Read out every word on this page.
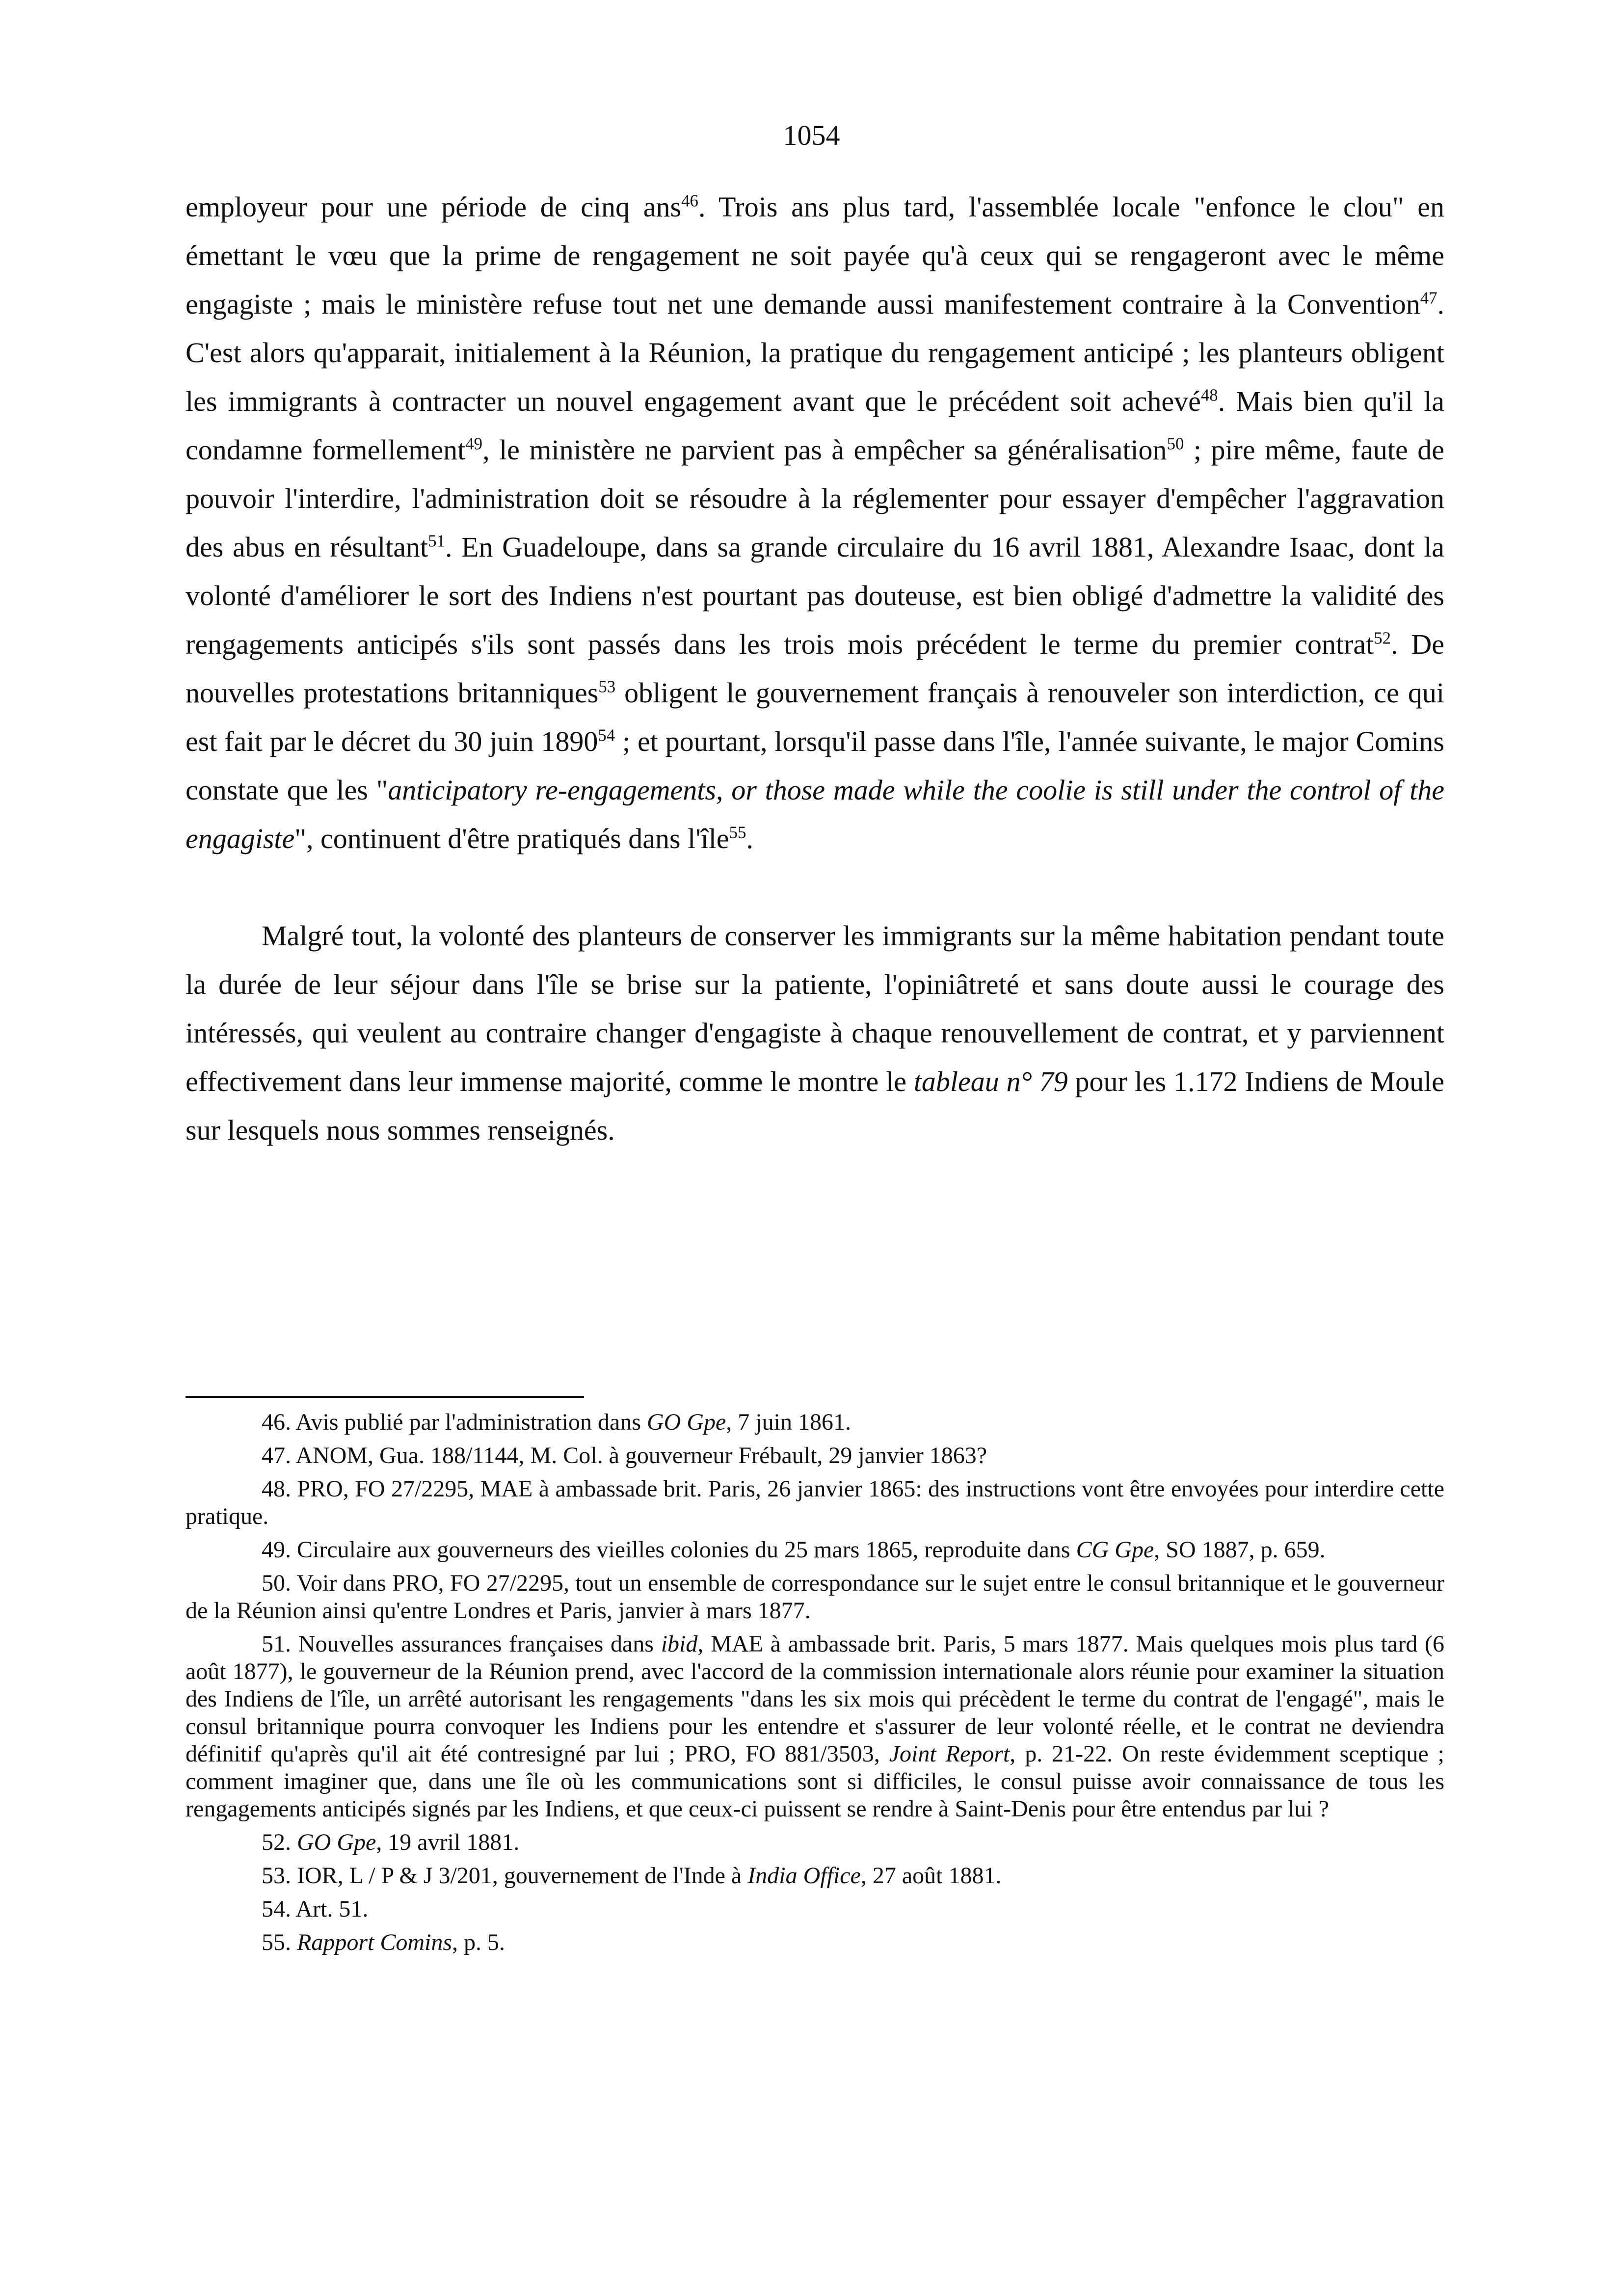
1054

employeur pour une période de cinq ans$^{46}$. Trois ans plus tard, l'assemblée locale "enfonce le clou" en émettant le vœu que la prime de rengagement ne soit payée qu'à ceux qui se rengageront avec le même engagiste ; mais le ministère refuse tout net une demande aussi manifestement contraire à la Convention$^{47}$. C'est alors qu'apparait, initialement à la Réunion, la pratique du rengagement anticipé ; les planteurs obligent les immigrants à contracter un nouvel engagement avant que le précédent soit achevé$^{48}$. Mais bien qu'il la condamne formellement$^{49}$, le ministère ne parvient pas à empêcher sa généralisation$^{50}$ ; pire même, faute de pouvoir l'interdire, l'administration doit se résoudre à la réglementer pour essayer d'empêcher l'aggravation des abus en résultant$^{51}$. En Guadeloupe, dans sa grande circulaire du 16 avril 1881, Alexandre Isaac, dont la volonté d'améliorer le sort des Indiens n'est pourtant pas douteuse, est bien obligé d'admettre la validité des rengagements anticipés s'ils sont passés dans les trois mois précédent le terme du premier contrat$^{52}$. De nouvelles protestations britanniques$^{53}$ obligent le gouvernement français à renouveler son interdiction, ce qui est fait par le décret du 30 juin 1890$^{54}$ ; et pourtant, lorsqu'il passe dans l'île, l'année suivante, le major Comins constate que les "anticipatory re-engagements, or those made while the coolie is still under the control of the engagiste", continuent d'être pratiqués dans l'île$^{55}$.

Malgré tout, la volonté des planteurs de conserver les immigrants sur la même habitation pendant toute la durée de leur séjour dans l'île se brise sur la patiente, l'opiniâtreté et sans doute aussi le courage des intéressés, qui veulent au contraire changer d'engagiste à chaque renouvellement de contrat, et y parviennent effectivement dans leur immense majorité, comme le montre le tableau n° 79 pour les 1.172 Indiens de Moule sur lesquels nous sommes renseignés.

46. Avis publié par l'administration dans GO Gpe, 7 juin 1861.

47. ANOM, Gua. 188/1144, M. Col. à gouverneur Frébault, 29 janvier 1863?

48. PRO, FO 27/2295, MAE à ambassade brit. Paris, 26 janvier 1865: des instructions vont être envoyées pour interdire cette pratique.

49. Circulaire aux gouverneurs des vieilles colonies du 25 mars 1865, reproduite dans CG Gpe, SO 1887, p. 659.

50. Voir dans PRO, FO 27/2295, tout un ensemble de correspondance sur le sujet entre le consul britannique et le gouverneur de la Réunion ainsi qu'entre Londres et Paris, janvier à mars 1877.

51. Nouvelles assurances françaises dans ibid, MAE à ambassade brit. Paris, 5 mars 1877. Mais quelques mois plus tard (6 août 1877), le gouverneur de la Réunion prend, avec l'accord de la commission internationale alors réunie pour examiner la situation des Indiens de l'île, un arrêté autorisant les rengagements "dans les six mois qui précèdent le terme du contrat de l'engagé", mais le consul britannique pourra convoquer les Indiens pour les entendre et s'assurer de leur volonté réelle, et le contrat ne deviendra définitif qu'après qu'il ait été contresigné par lui ; PRO, FO 881/3503, Joint Report, p. 21-22. On reste évidemment sceptique ; comment imaginer que, dans une île où les communications sont si difficiles, le consul puisse avoir connaissance de tous les rengagements anticipés signés par les Indiens, et que ceux-ci puissent se rendre à Saint-Denis pour être entendus par lui ?

52. GO Gpe, 19 avril 1881.

53. IOR, L / P & J 3/201, gouvernement de l'Inde à India Office, 27 août 1881.

54. Art. 51.

55. Rapport Comins, p. 5.
